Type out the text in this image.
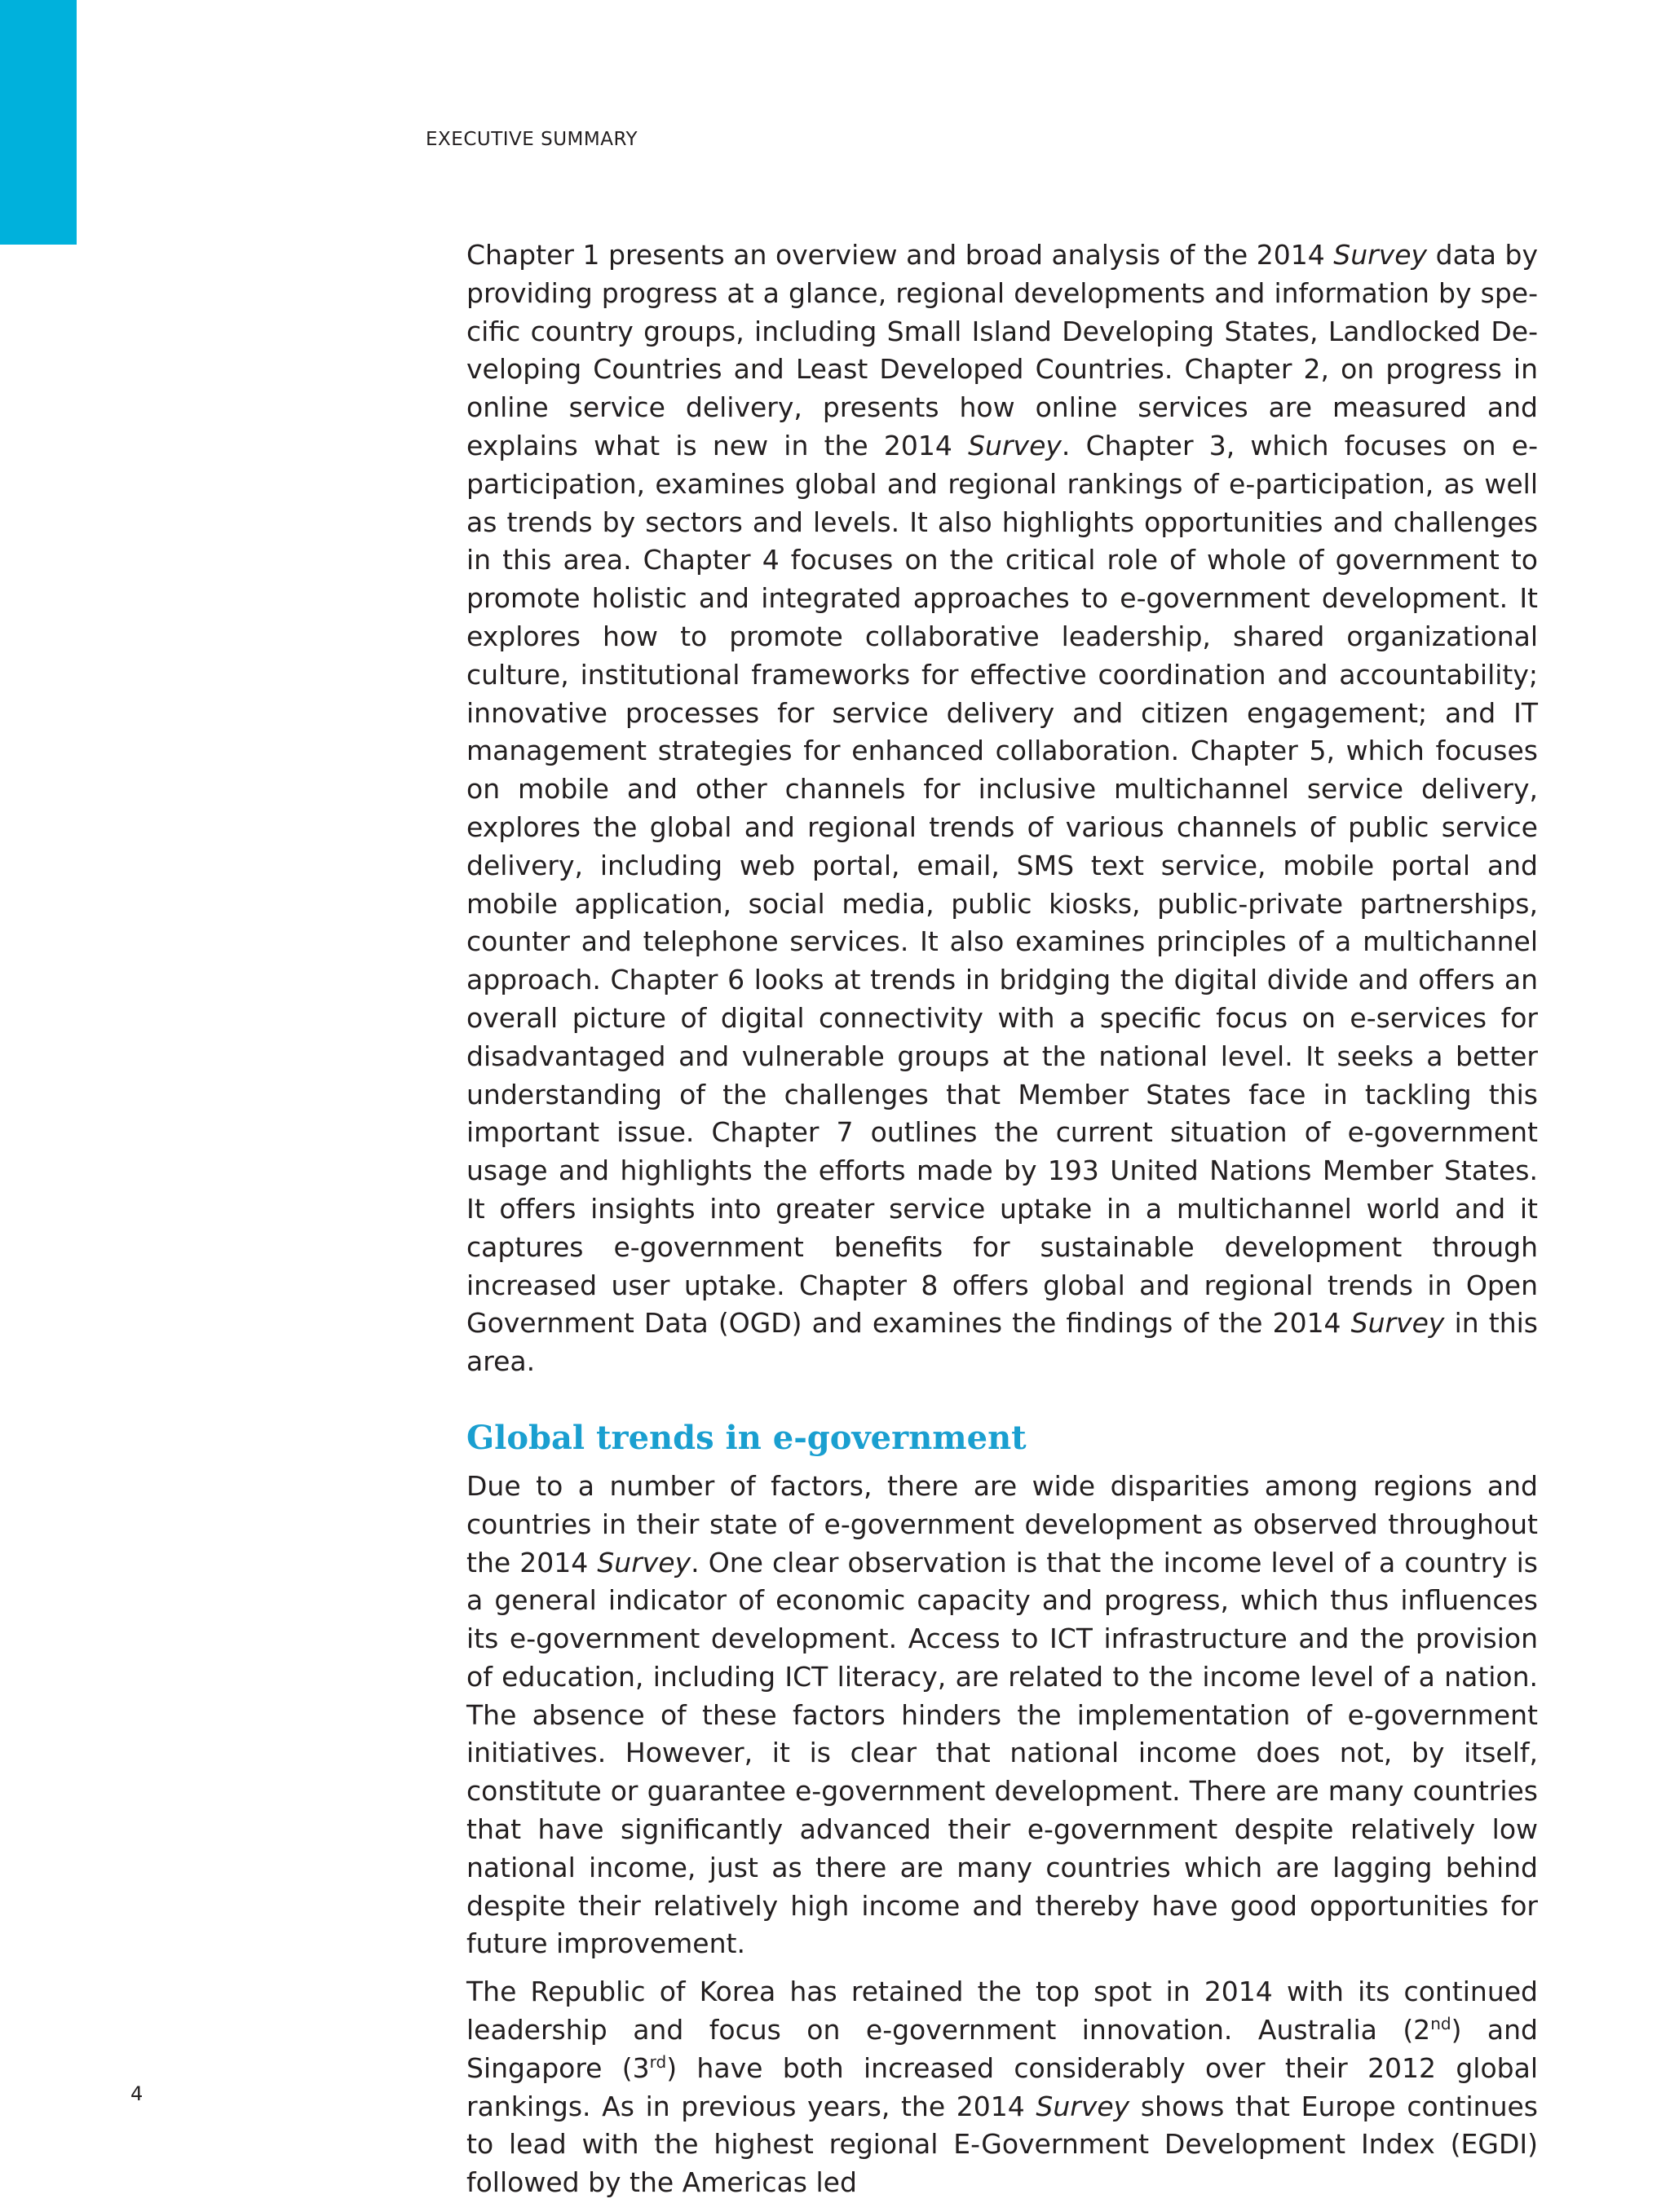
EXECUTIVE SUMMARY

Chapter 1 presents an overview and broad analysis of the 2014 Survey data by providing progress at a glance, regional developments and information by specific country groups, including Small Island Developing States, Landlocked Developing Countries and Least Developed Countries. Chapter 2, on progress in online service delivery, presents how online services are measured and explains what is new in the 2014 Survey. Chapter 3, which focuses on e-participation, examines global and regional rankings of e-participation, as well as trends by sectors and levels. It also highlights opportunities and challenges in this area. Chapter 4 focuses on the critical role of whole of government to promote holistic and integrated approaches to e-government development. It explores how to promote collaborative leadership, shared organizational culture, institutional frameworks for effective coordination and accountability; innovative processes for service delivery and citizen engagement; and IT management strategies for enhanced collaboration. Chapter 5, which focuses on mobile and other channels for inclusive multichannel service delivery, explores the global and regional trends of various channels of public service delivery, including web portal, email, SMS text service, mobile portal and mobile application, social media, public kiosks, public-private partnerships, counter and telephone services. It also examines principles of a multichannel approach. Chapter 6 looks at trends in bridging the digital divide and offers an overall picture of digital connectivity with a specific focus on e-services for disadvantaged and vulnerable groups at the national level. It seeks a better understanding of the challenges that Member States face in tackling this important issue. Chapter 7 outlines the current situation of e-government usage and highlights the efforts made by 193 United Nations Member States. It offers insights into greater service uptake in a multichannel world and it captures e-government benefits for sustainable development through increased user uptake. Chapter 8 offers global and regional trends in Open Government Data (OGD) and examines the findings of the 2014 Survey in this area.

Global trends in e-government

Due to a number of factors, there are wide disparities among regions and countries in their state of e-government development as observed throughout the 2014 Survey. One clear observation is that the income level of a country is a general indicator of economic capacity and progress, which thus influences its e-government development. Access to ICT infrastructure and the provision of education, including ICT literacy, are related to the income level of a nation. The absence of these factors hinders the implementation of e-government initiatives. However, it is clear that national income does not, by itself, constitute or guarantee e-government development. There are many countries that have significantly advanced their e-government despite relatively low national income, just as there are many countries which are lagging behind despite their relatively high income and thereby have good opportunities for future improvement.

The Republic of Korea has retained the top spot in 2014 with its continued leadership and focus on e-government innovation. Australia (2nd) and Singapore (3rd) have both increased considerably over their 2012 global rankings. As in previous years, the 2014 Survey shows that Europe continues to lead with the highest regional E-Government Development Index (EGDI) followed by the Americas led

4
